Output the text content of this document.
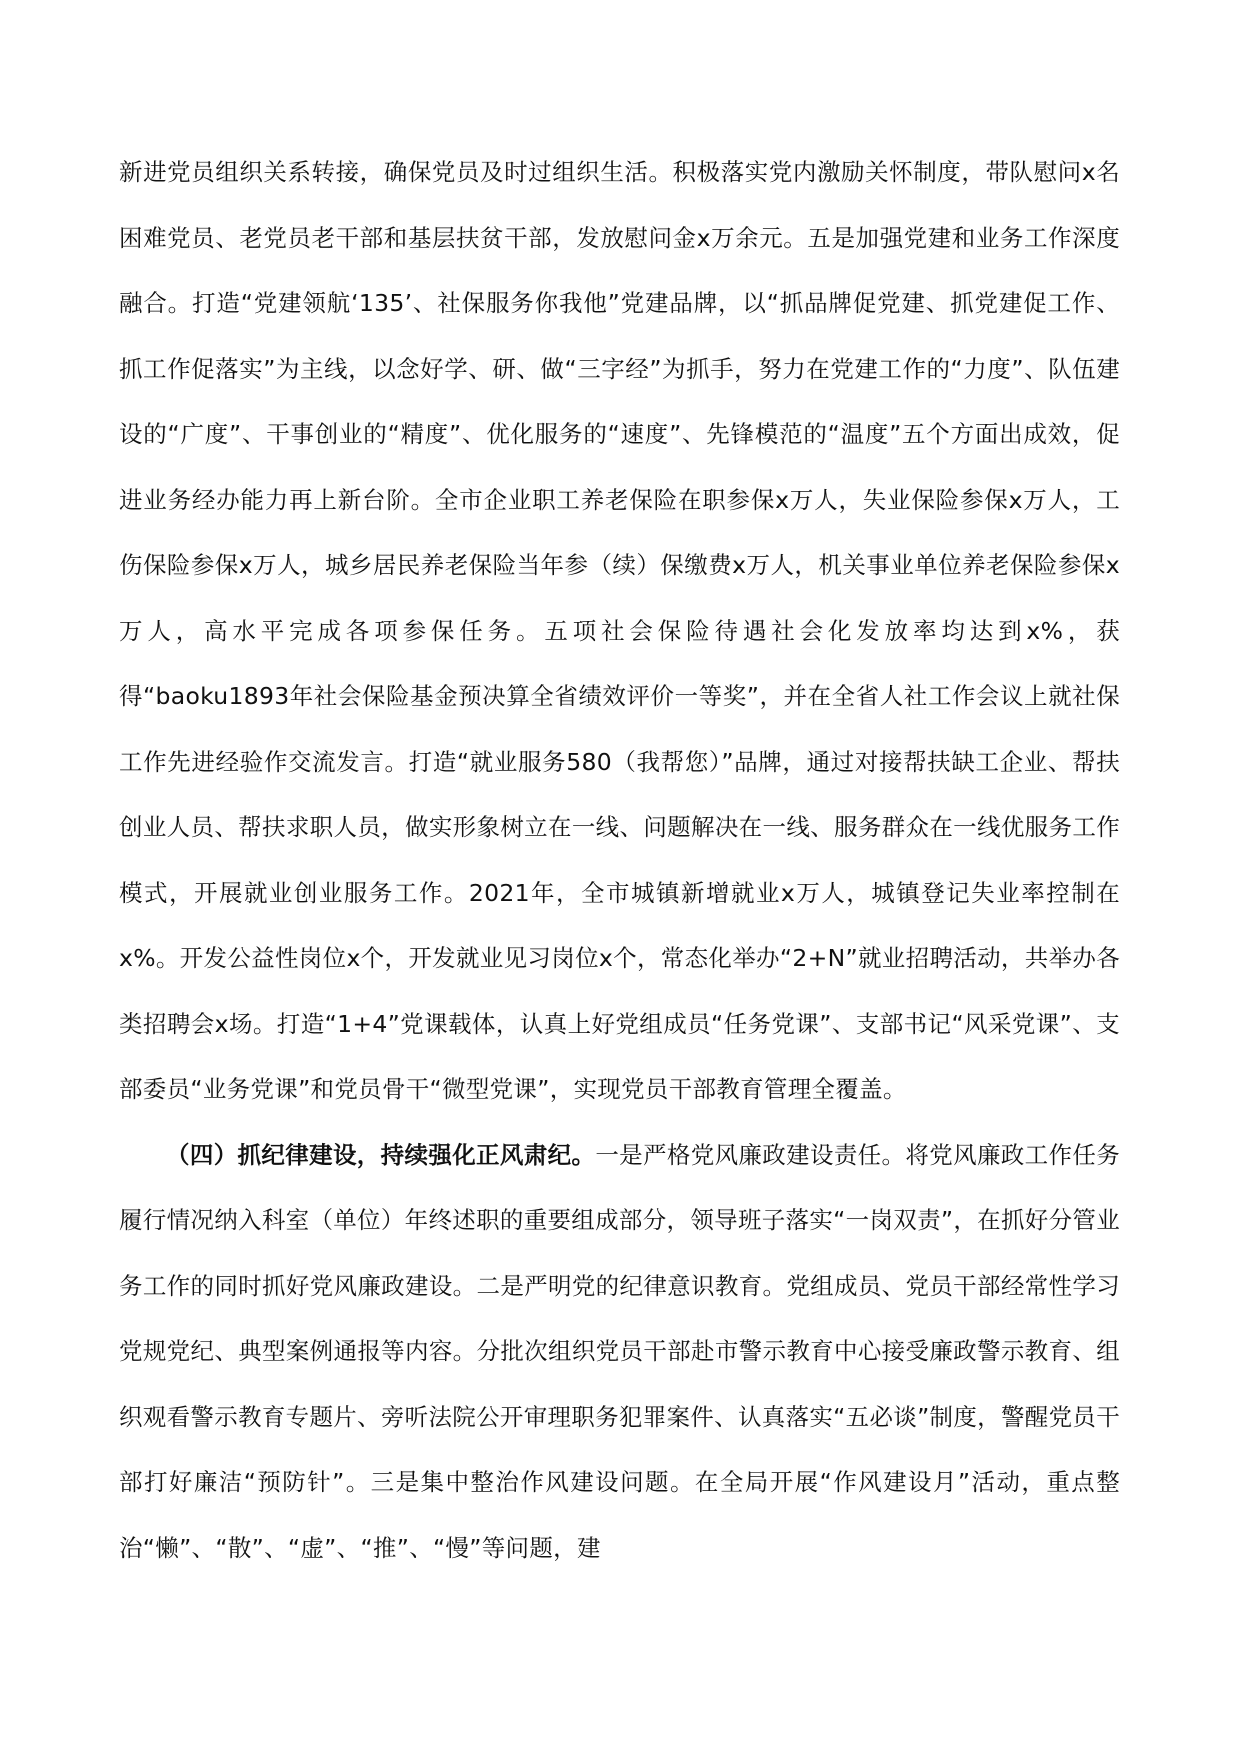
新进党员组织关系转接，确保党员及时过组织生活。积极落实党内激励关怀制度，带队慰问x名困难党员、老党员老干部和基层扶贫干部，发放慰问金x万余元。五是加强党建和业务工作深度融合。打造“党建领航‘135’、社保服务你我他”党建品牌，以“抓品牌促党建、抓党建促工作、抓工作促落实”为主线，以念好学、研、做“三字经”为抓手，努力在党建工作的“力度”、队伍建设的“广度”、干事创业的“精度”、优化服务的“速度”、先锋模范的“温度”五个方面出成效，促进业务经办能力再上新台阶。全市企业职工养老保险在职参保x万人，失业保险参保x万人，工伤保险参保x万人，城乡居民养老保险当年参（续）保缴费x万人，机关事业单位养老保险参保x万人，高水平完成各项参保任务。五项社会保险待遇社会化发放率均达到x%，获得“baoku1893年社会保险基金预决算全省绩效评价一等奖”，并在全省人社工作会议上就社保工作先进经验作交流发言。打造“就业服务580（我帮您）”品牌，通过对接帮扶缺工企业、帮扶创业人员、帮扶求职人员，做实形象树立在一线、问题解决在一线、服务群众在一线优服务工作模式，开展就业创业服务工作。2021年，全市城镇新增就业x万人，城镇登记失业率控制在x%。开发公益性岗位x个，开发就业见习岗位x个，常态化举办“2+N”就业招聘活动，共举办各类招聘会x场。打造“1+4”党课载体，认真上好党组成员“任务党课”、支部书记“风采党课”、支部委员“业务党课”和党员骨干“微型党课”，实现党员干部教育管理全覆盖。

（四）抓纪律建设，持续强化正风肃纪。一是严格党风廉政建设责任。将党风廉政工作任务履行情况纳入科室（单位）年终述职的重要组成部分，领导班子落实“一岗双责”，在抓好分管业务工作的同时抓好党风廉政建设。二是严明党的纪律意识教育。党组成员、党员干部经常性学习党规党纪、典型案例通报等内容。分批次组织党员干部赴市警示教育中心接受廉政警示教育、组织观看警示教育专题片、旁听法院公开审理职务犯罪案件、认真落实“五必谈”制度，警醒党员干部打好廉洁“预防针”。三是集中整治作风建设问题。在全局开展“作风建设月”活动，重点整治“懒”、“散”、“虚”、“推”、“慢”等问题，建
